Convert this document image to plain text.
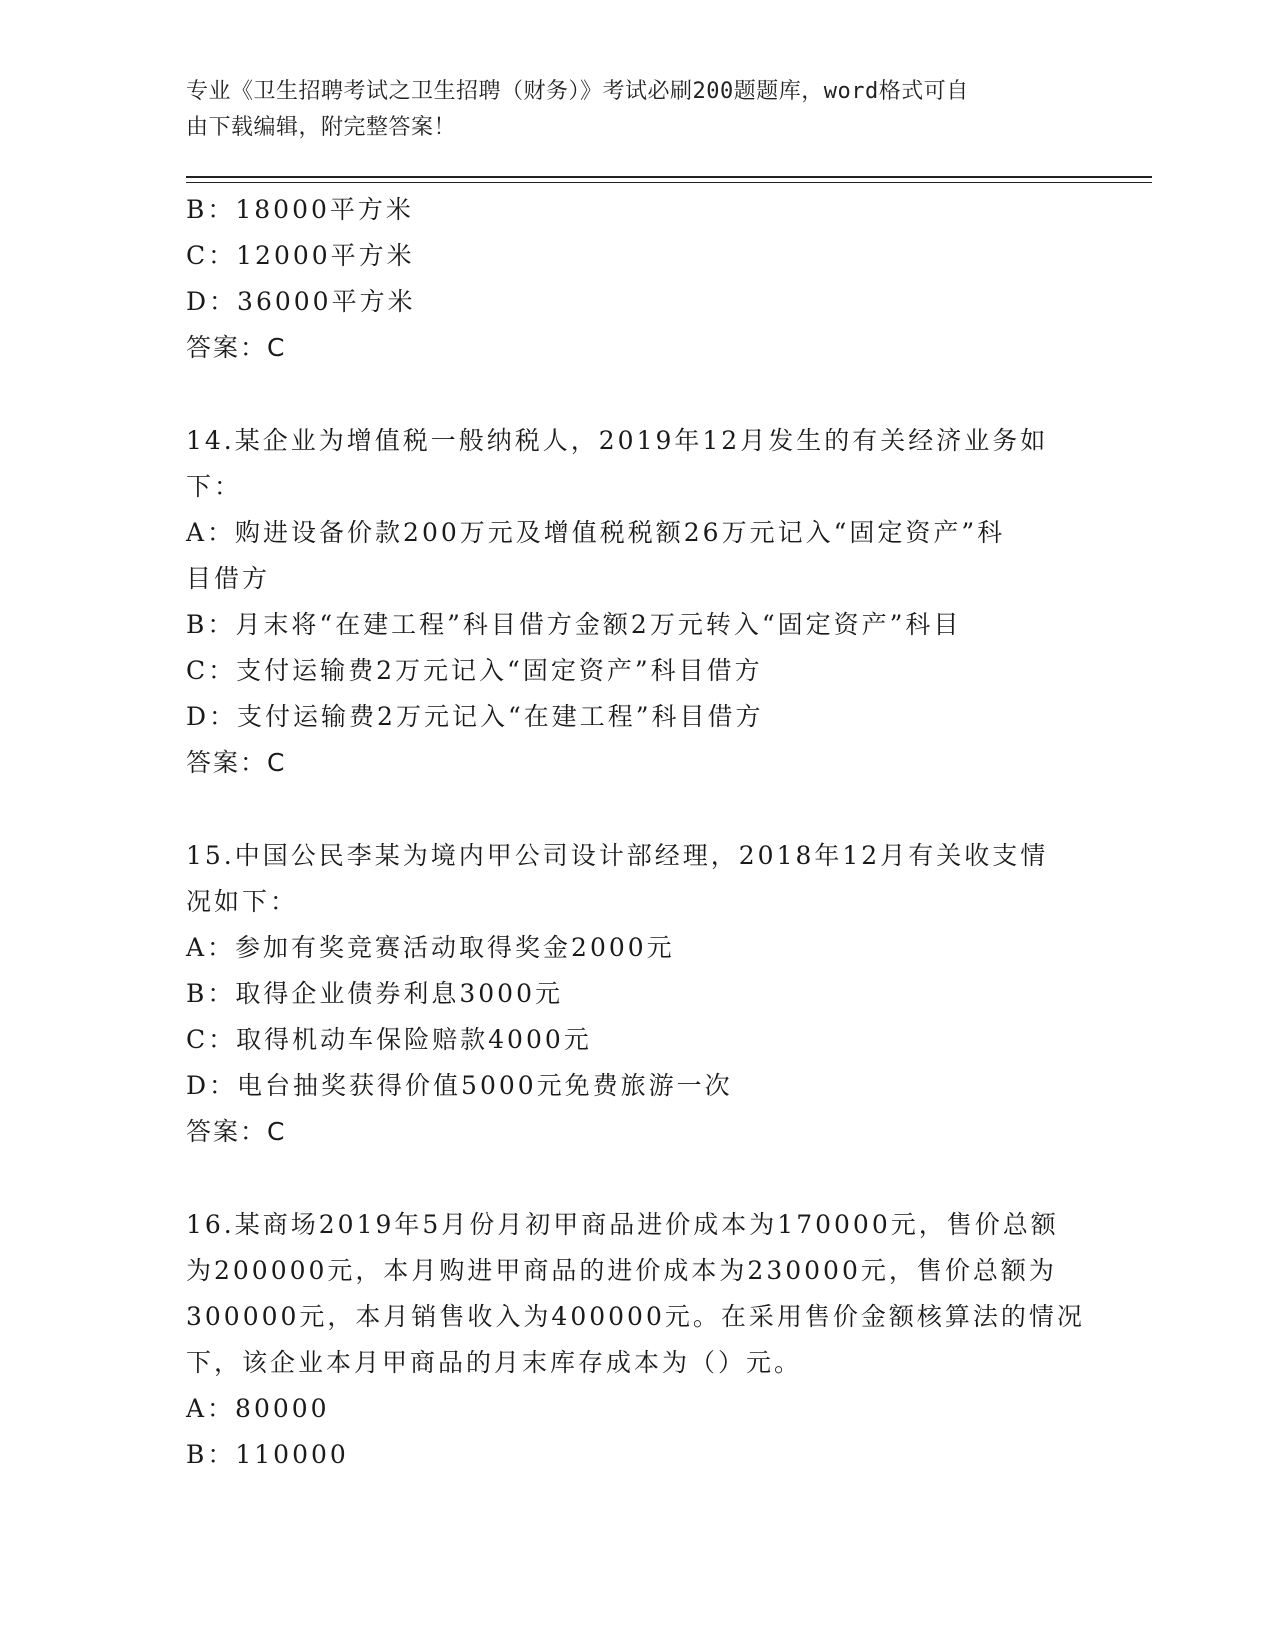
专业《卫生招聘考试之卫生招聘（财务）》考试必刷200题题库，word格式可自
由下载编辑，附完整答案！
B：18000平方米
C：12000平方米
D：36000平方米
答案：C
14.某企业为增值税一般纳税人，2019年12月发生的有关经济业务如
下：
A：购进设备价款200万元及增值税税额26万元记入“固定资产”科
目借方
B：月末将“在建工程”科目借方金额2万元转入“固定资产”科目
C：支付运输费2万元记入“固定资产”科目借方
D：支付运输费2万元记入“在建工程”科目借方
答案：C
15.中国公民李某为境内甲公司设计部经理，2018年12月有关收支情
况如下：
A：参加有奖竞赛活动取得奖金2000元
B：取得企业债券利息3000元
C：取得机动车保险赔款4000元
D：电台抽奖获得价值5000元免费旅游一次
答案：C
16.某商场2019年5月份月初甲商品进价成本为170000元，售价总额
为200000元，本月购进甲商品的进价成本为230000元，售价总额为
300000元，本月销售收入为400000元。在采用售价金额核算法的情况
下，该企业本月甲商品的月末库存成本为（）元。
A：80000
B：110000
